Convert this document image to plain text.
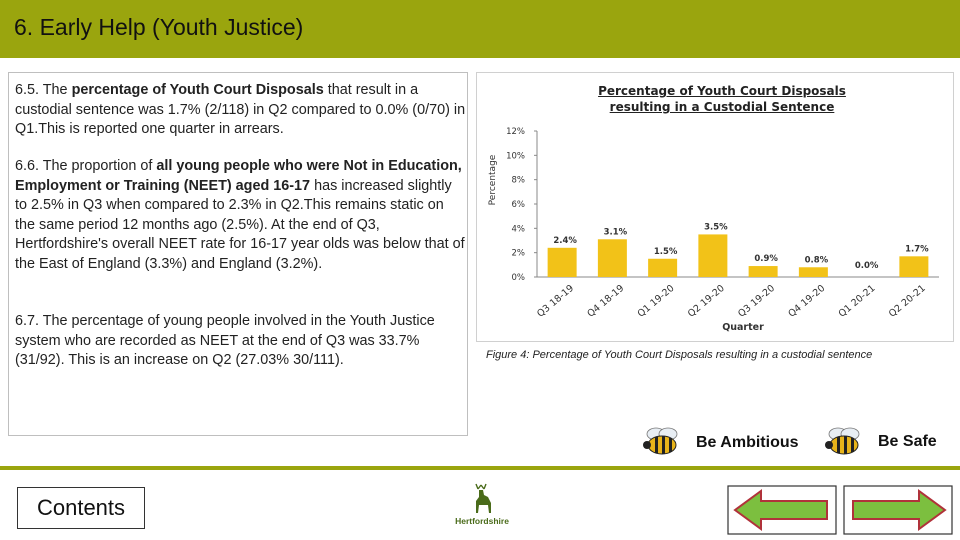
6. Early Help (Youth Justice)
6.5. The percentage of Youth Court Disposals that result in a custodial sentence was 1.7% (2/118) in Q2 compared to 0.0% (0/70) in Q1.This is reported one quarter in arrears.
6.6. The proportion of all young people who were Not in Education, Employment or Training (NEET) aged 16-17 has increased slightly to 2.5% in Q3 when compared to 2.3% in Q2.This remains static on the same period 12 months ago (2.5%). At the end of Q3, Hertfordshire's overall NEET rate for 16-17 year olds was below that of the East of England (3.3%) and England (3.2%).
6.7. The percentage of young people involved in the Youth Justice system who are recorded as NEET at the end of Q3 was 33.7% (31/92). This is an increase on Q2 (27.03% 30/111).
Percentage of Youth Court Disposals resulting in a Custodial Sentence
0%
2%
4%
6%
8%
10%
12%
Percentage
2.4%
Q3 18-19
3.1%
Q4 18-19
1.5%
Q1 19-20
3.5%
Q2 19-20
0.9%
Q3 19-20
0.8%
Q4 19-20
0.0%
Q1 20-21
1.7%
Q2 20-21
Quarter
Figure 4: Percentage of Youth Court Disposals resulting in a custodial sentence
Be Ambitious	Be Safe
Contents
Hertfordshire
